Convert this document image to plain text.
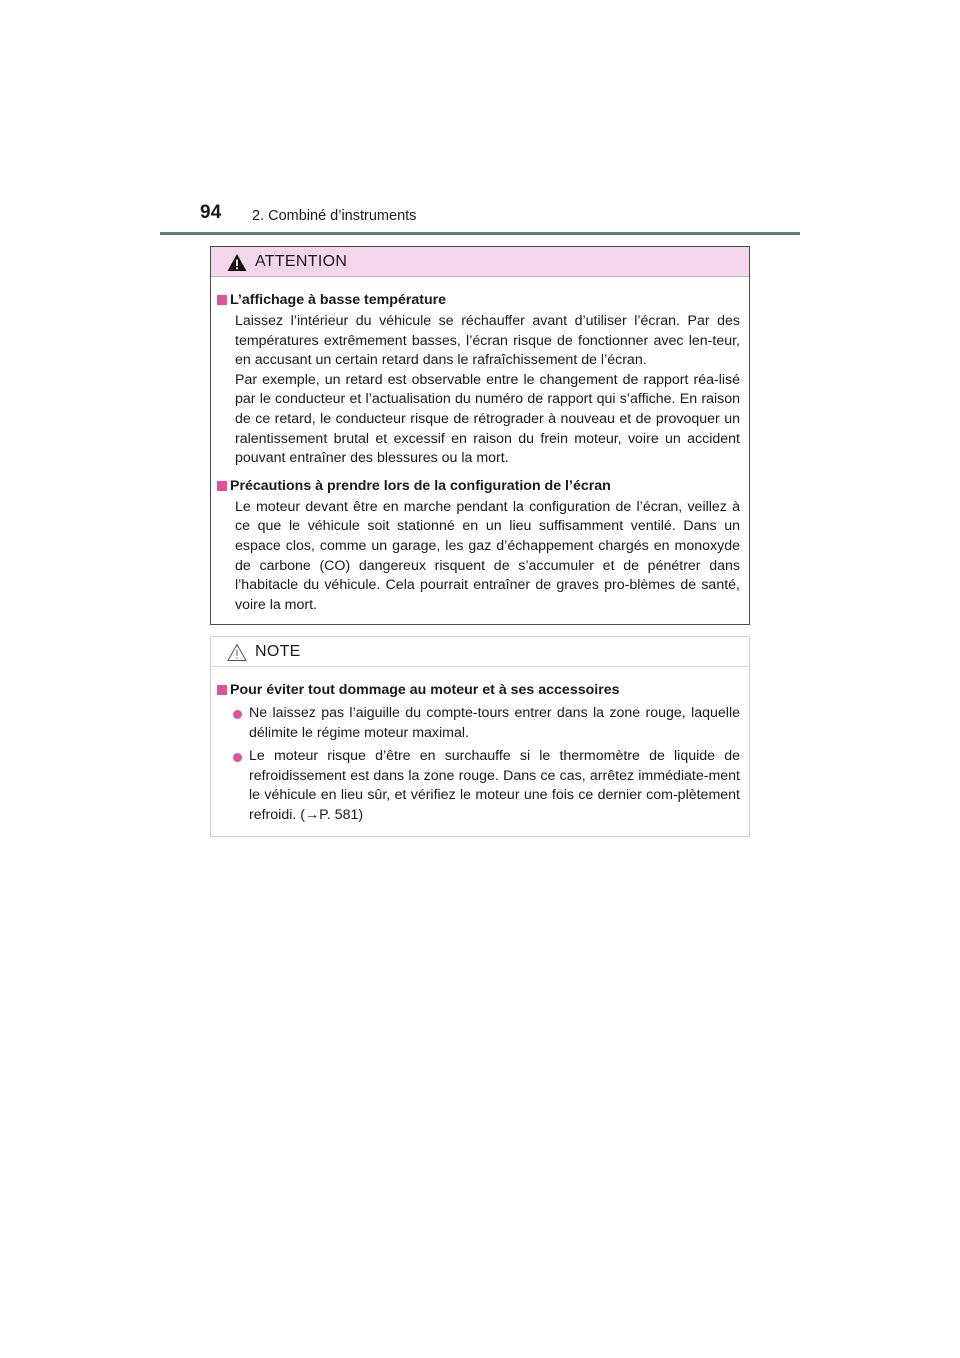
94 2. Combiné d’instruments
ATTENTION
L’affichage à basse température
Laissez l’intérieur du véhicule se réchauffer avant d’utiliser l’écran. Par des températures extrêmement basses, l’écran risque de fonctionner avec len-teur, en accusant un certain retard dans le rafraîchissement de l’écran.
Par exemple, un retard est observable entre le changement de rapport réa-lisé par le conducteur et l’actualisation du numéro de rapport qui s’affiche. En raison de ce retard, le conducteur risque de rétrograder à nouveau et de provoquer un ralentissement brutal et excessif en raison du frein moteur, voire un accident pouvant entraîner des blessures ou la mort.
Précautions à prendre lors de la configuration de l’écran
Le moteur devant être en marche pendant la configuration de l’écran, veillez à ce que le véhicule soit stationné en un lieu suffisamment ventilé. Dans un espace clos, comme un garage, les gaz d’échappement chargés en monoxyde de carbone (CO) dangereux risquent de s’accumuler et de pénétrer dans l’habitacle du véhicule. Cela pourrait entraîner de graves pro-blèmes de santé, voire la mort.
NOTE
Pour éviter tout dommage au moteur et à ses accessoires
Ne laissez pas l’aiguille du compte-tours entrer dans la zone rouge, laquelle délimite le régime moteur maximal.
Le moteur risque d’être en surchauffe si le thermomètre de liquide de refroidissement est dans la zone rouge. Dans ce cas, arrêtez immédiate-ment le véhicule en lieu sûr, et vérifiez le moteur une fois ce dernier com-plètement refroidi. (→P. 581)
